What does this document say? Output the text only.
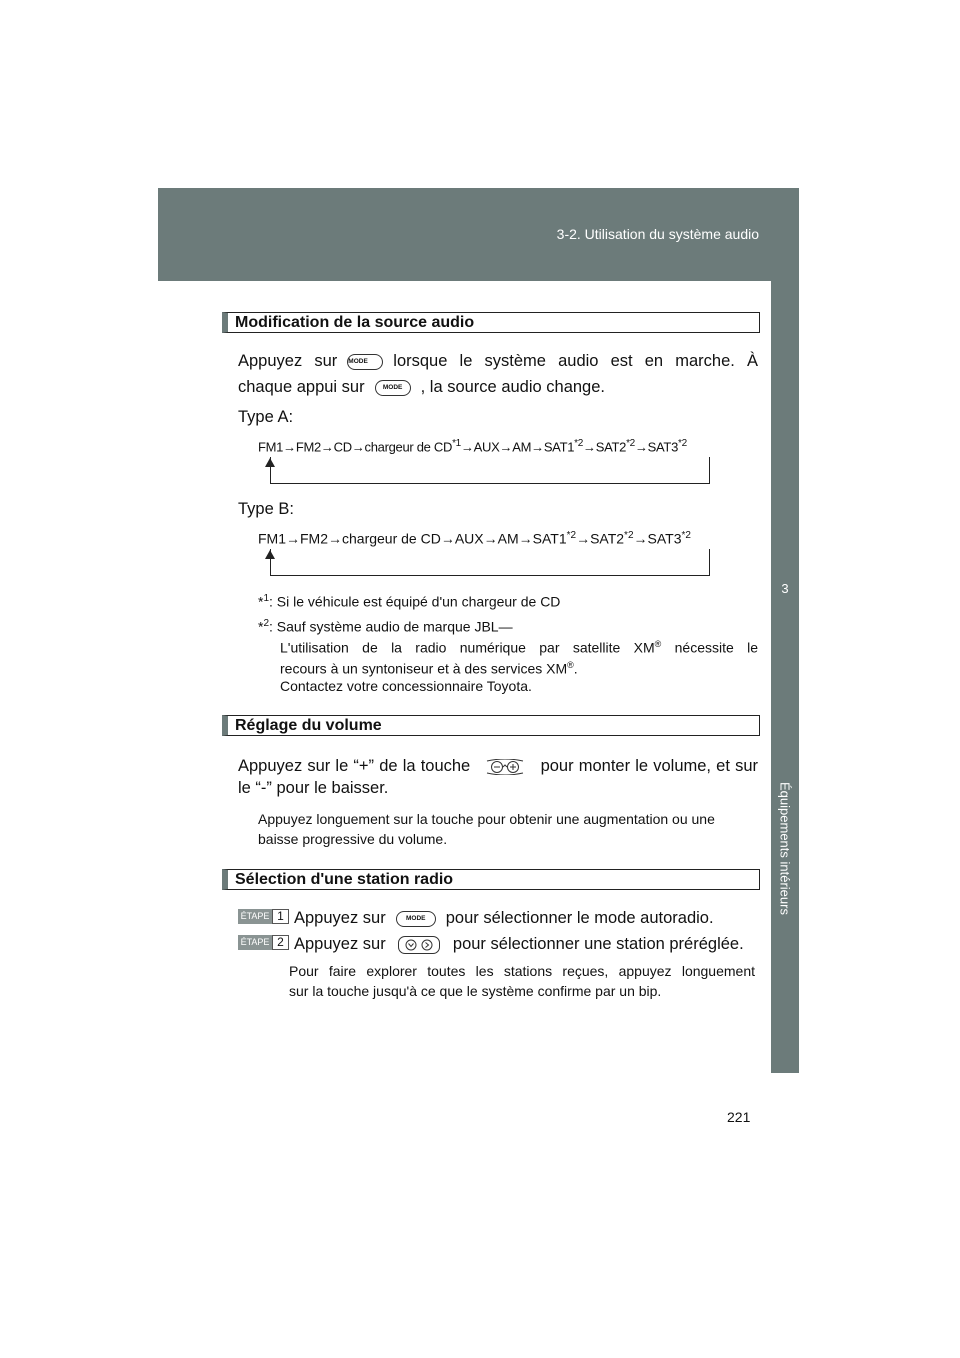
3-2. Utilisation du système audio
3
Équipements intérieurs
Modification de la source audio
Appuyez sur MODE lorsque le système audio est en marche. À
chaque appui sur	MODE , la source audio change.
Type A:
FM1→FM2→CD→chargeur de $CD^{*1}\to AUX\to AM\to SAT1^{*2}\to SAT2^{*2}\to SAT3^{*2}$
Type B:
FM1→FM2→chargeur de $CD\to AUX\to AM\to SAT1^{*2}\to SAT2^{*2}\to SAT3^{*2}$
*$^1$: Si le véhicule est équipé d'un chargeur de CD
*$^2$: Sauf système audio de marque JBL—
L'utilisation de la radio numérique par satellite XM® nécessite le
recours à un syntoniseur et à des services XM®.
Contactez votre concessionnaire Toyota.
Réglage du volume
Appuyez sur le “+” de la touche	pour monter le volume, et sur
le “-” pour le baisser.
Appuyez longuement sur la touche pour obtenir une augmentation ou une
baisse progressive du volume.
Sélection d'une station radio
ÉTAPE 1 Appuyez sur	MODE pour sélectionner le mode autoradio.
ÉTAPE 2 Appuyez sur	pour sélectionner une station préréglée.
Pour faire explorer toutes les stations reçues, appuyez longuement
sur la touche jusqu'à ce que le système confirme par un bip.
221
